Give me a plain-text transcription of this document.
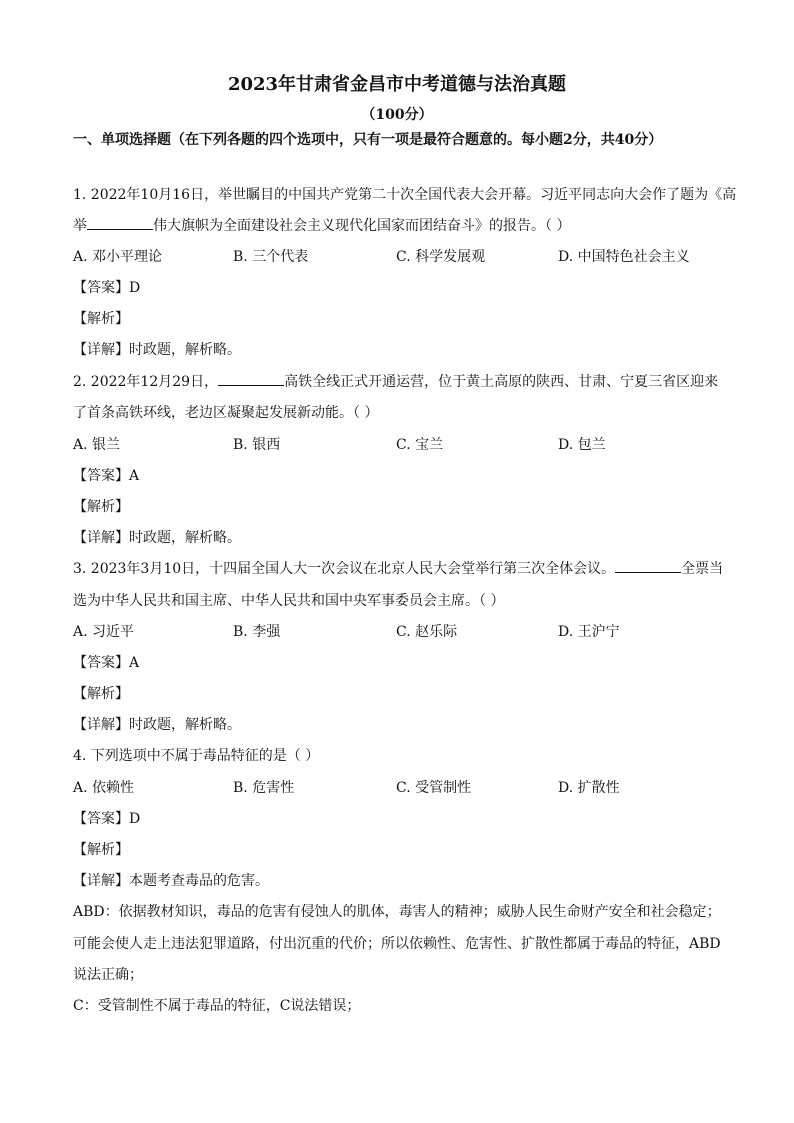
2023年甘肃省金昌市中考道德与法治真题
（100分）
一、单项选择题（在下列各题的四个选项中，只有一项是最符合题意的。每小题2分，共40分）
1. 2022年10月16日，举世瞩目的中国共产党第二十次全国代表大会开幕。习近平同志向大会作了题为《高
举	伟大旗帜为全面建设社会主义现代化国家而团结奋斗》的报告。（ ）
A. 邓小平理论	B. 三个代表	C. 科学发展观	D. 中国特色社会主义
【答案】D
【解析】
【详解】时政题，解析略。
2. 2022年12月29日，	高铁全线正式开通运营，位于黄土高原的陕西、甘肃、宁夏三省区迎来
了首条高铁环线，老边区凝聚起发展新动能。（ ）
A. 银兰	B. 银西	C. 宝兰	D. 包兰
【答案】A
【解析】
【详解】时政题，解析略。
3. 2023年3月10日，十四届全国人大一次会议在北京人民大会堂举行第三次全体会议。	全票当
选为中华人民共和国主席、中华人民共和国中央军事委员会主席。（ ）
A. 习近平	B. 李强	C. 赵乐际	D. 王沪宁
【答案】A
【解析】
【详解】时政题，解析略。
4. 下列选项中不属于毒品特征的是（ ）
A. 依赖性	B. 危害性	C. 受管制性	D. 扩散性
【答案】D
【解析】
【详解】本题考查毒品的危害。
ABD：依据教材知识，毒品的危害有侵蚀人的肌体，毒害人的精神；威胁人民生命财产安全和社会稳定；
可能会使人走上违法犯罪道路，付出沉重的代价；所以依赖性、危害性、扩散性都属于毒品的特征，ABD
说法正确；
C：受管制性不属于毒品的特征，C说法错误；
